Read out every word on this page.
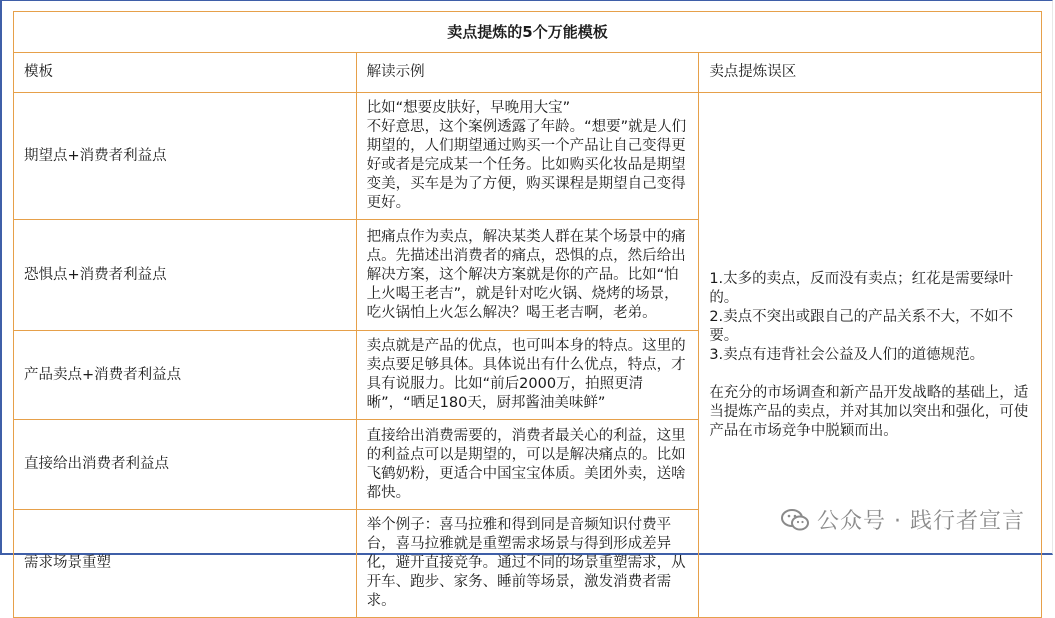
卖点提炼的5个万能模板		
模板	解读示例	卖点提炼误区
期望点+消费者利益点	比如“想要皮肤好，早晚用大宝”
不好意思，这个案例透露了年龄。“想要”就是人们期望的，人们期望通过购买一个产品让自己变得更好或者是完成某一个任务。比如购买化妆品是期望变美，买车是为了方便，购买课程是期望自己变得更好。	1.太多的卖点，反而没有卖点；红花是需要绿叶的。
2.卖点不突出或跟自己的产品关系不大，不如不要。
3.卖点有违背社会公益及人们的道德规范。

在充分的市场调查和新产品开发战略的基础上，适当提炼产品的卖点，并对其加以突出和强化，可使产品在市场竞争中脱颖而出。
恐惧点+消费者利益点	把痛点作为卖点，解决某类人群在某个场景中的痛点。先描述出消费者的痛点，恐惧的点，然后给出解决方案，这个解决方案就是你的产品。比如“怕上火喝王老吉”，就是针对吃火锅、烧烤的场景，吃火锅怕上火怎么解决？喝王老吉啊，老弟。	
产品卖点+消费者利益点	卖点就是产品的优点，也可叫本身的特点。这里的卖点要足够具体。具体说出有什么优点，特点，才具有说服力。比如“前后2000万，拍照更清晰”，“晒足180天，厨邦酱油美味鲜”	
直接给出消费者利益点	直接给出消费需要的，消费者最关心的利益，这里的利益点可以是期望的，可以是解决痛点的。比如飞鹤奶粉，更适合中国宝宝体质。美团外卖，送啥都快。	
需求场景重塑	举个例子：喜马拉雅和得到同是音频知识付费平台，喜马拉雅就是重塑需求场景与得到形成差异化，避开直接竞争。通过不同的场景重塑需求，从开车、跑步、家务、睡前等场景，激发消费者需求。	
公众号 · 践行者宣言
